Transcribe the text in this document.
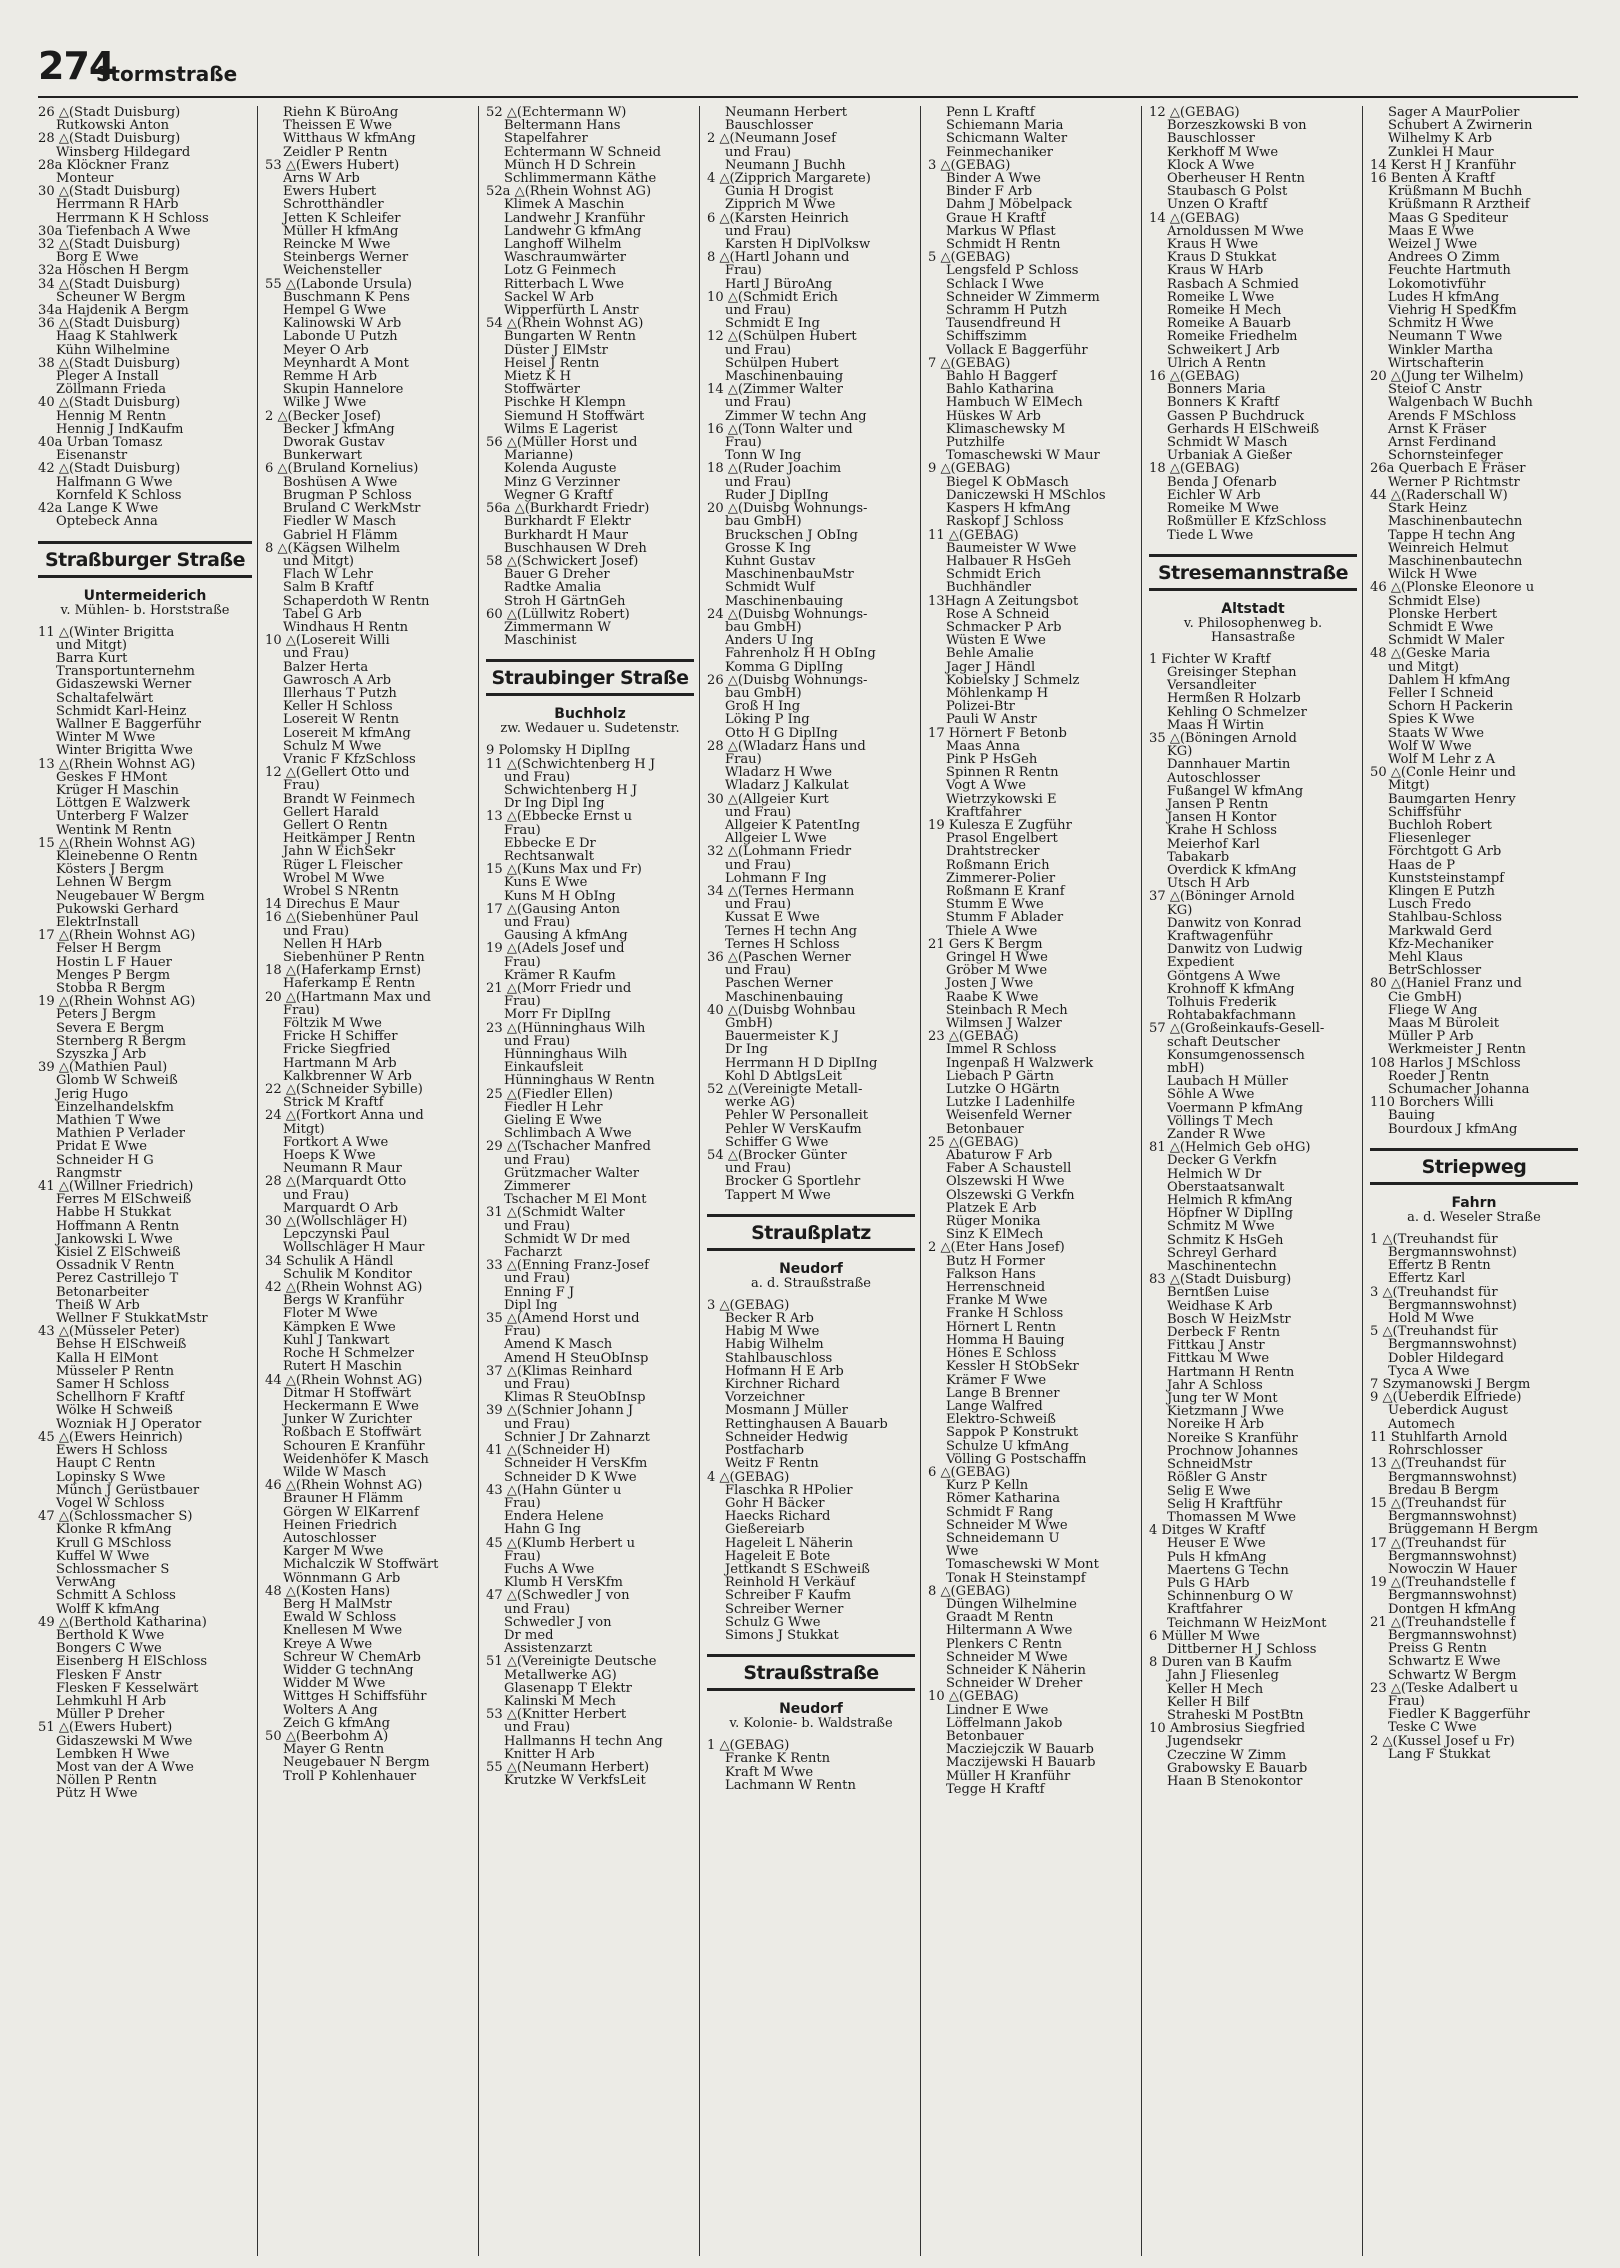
274
Stormstraße
26 △(Stadt Duisburg)
Rutkowski Anton
28 △(Stadt Duisburg)
Winsberg Hildegard
28a Klöckner Franz
Monteur
30 △(Stadt Duisburg)
Herrmann R HArb
Herrmann K H Schloss
30a Tiefenbach A Wwe
32 △(Stadt Duisburg)
Borg E Wwe
32a Höschen H Bergm
34 △(Stadt Duisburg)
Scheuner W Bergm
34a Hajdenik A Bergm
36 △(Stadt Duisburg)
Haag K Stahlwerk
Kühn Wilhelmine
38 △(Stadt Duisburg)
Pleger A Install
Zöllmann Frieda
40 △(Stadt Duisburg)
Hennig M Rentn
Hennig J IndKaufm
40a Urban Tomasz
Eisenanstr
42 △(Stadt Duisburg)
Halfmann G Wwe
Kornfeld K Schloss
42a Lange K Wwe
Optebeck Anna
Straßburger Straße
Untermeiderich
v. Mühlen- b. Horststraße
11 △(Winter Brigitta
und Mitgt)
Barra Kurt
Transportunternehm
Gidaszewski Werner
Schaltafelwärt
Schmidt Karl-Heinz
Wallner E Baggerführ
Winter M Wwe
Winter Brigitta Wwe
13 △(Rhein Wohnst AG)
Geskes F HMont
Krüger H Maschin
Löttgen E Walzwerk
Unterberg F Walzer
Wentink M Rentn
15 △(Rhein Wohnst AG)
Kleinebenne O Rentn
Kösters J Bergm
Lehnen W Bergm
Neugebauer W Bergm
Pukowski Gerhard
ElektrInstall
17 △(Rhein Wohnst AG)
Felser H Bergm
Hostin L F Hauer
Menges P Bergm
Stobba R Bergm
19 △(Rhein Wohnst AG)
Peters J Bergm
Severa E Bergm
Sternberg R Bergm
Szyszka J Arb
39 △(Mathien Paul)
Glomb W Schweiß
Jerig Hugo
Einzelhandelskfm
Mathien T Wwe
Mathien P Verlader
Pridat E Wwe
Schneider H G
Rangmstr
41 △(Willner Friedrich)
Ferres M ElSchweiß
Habbe H Stukkat
Hoffmann A Rentn
Jankowski L Wwe
Kisiel Z ElSchweiß
Ossadnik V Rentn
Perez Castrillejo T
Betonarbeiter
Theiß W Arb
Wellner F StukkatMstr
43 △(Müsseler Peter)
Behse H ElSchweiß
Kalla H ElMont
Müsseler P Rentn
Samer H Schloss
Schellhorn F Kraftf
Wölke H Schweiß
Wozniak H J Operator
45 △(Ewers Heinrich)
Ewers H Schloss
Haupt C Rentn
Lopinsky S Wwe
Münch J Gerüstbauer
Vogel W Schloss
47 △(Schlossmacher S)
Klonke R kfmAng
Krull G MSchloss
Kuffel W Wwe
Schlossmacher S
VerwAng
Schmitt A Schloss
Wolff K kfmAng
49 △(Berthold Katharina)
Berthold K Wwe
Bongers C Wwe
Eisenberg H ElSchloss
Flesken F Anstr
Flesken F Kesselwärt
Lehmkuhl H Arb
Müller P Dreher
51 △(Ewers Hubert)
Gidaszewski M Wwe
Lembken H Wwe
Most van der A Wwe
Nöllen P Rentn
Pütz H Wwe
Riehn K BüroAng
Theissen E Wwe
Witthaus W kfmAng
Zeidler P Rentn
53 △(Ewers Hubert)
Arns W Arb
Ewers Hubert
Schrotthändler
Jetten K Schleifer
Müller H kfmAng
Reincke M Wwe
Steinbergs Werner
Weichensteller
55 △(Labonde Ursula)
Buschmann K Pens
Hempel G Wwe
Kalinowski W Arb
Labonde U Putzh
Meyer O Arb
Meynhardt A Mont
Remme H Arb
Skupin Hannelore
Wilke J Wwe
2 △(Becker Josef)
Becker J kfmAng
Dworak Gustav
Bunkerwart
6 △(Bruland Kornelius)
Boshüsen A Wwe
Brugman P Schloss
Bruland C WerkMstr
Fiedler W Masch
Gabriel H Flämm
8 △(Kägsen Wilhelm
und Mitgt)
Flach W Lehr
Salm B Kraftf
Schaperdoth W Rentn
Tabel G Arb
Windhaus H Rentn
10 △(Losereit Willi
und Frau)
Balzer Herta
Gawrosch A Arb
Illerhaus T Putzh
Keller H Schloss
Losereit W Rentn
Losereit M kfmAng
Schulz M Wwe
Vranic F KfzSchloss
12 △(Gellert Otto und
Frau)
Brandt W Feinmech
Gellert Harald
Gellert O Rentn
Heitkämper J Rentn
Jahn W EichSekr
Rüger L Fleischer
Wrobel M Wwe
Wrobel S NRentn
14 Direchus E Maur
16 △(Siebenhüner Paul
und Frau)
Nellen H HArb
Siebenhüner P Rentn
18 △(Haferkamp Ernst)
Haferkamp E Rentn
20 △(Hartmann Max und
Frau)
Föltzik M Wwe
Fricke H Schiffer
Fricke Siegfried
Hartmann M Arb
Kalkbrenner W Arb
22 △(Schneider Sybille)
Strick M Kraftf
24 △(Fortkort Anna und
Mitgt)
Fortkort A Wwe
Hoeps K Wwe
Neumann R Maur
28 △(Marquardt Otto
und Frau)
Marquardt O Arb
30 △(Wollschläger H)
Lepczynski Paul
Wollschläger H Maur
34 Schulik A Händl
Schulik M Konditor
42 △(Rhein Wohnst AG)
Bergs W Kranführ
Floter M Wwe
Kämpken E Wwe
Kuhl J Tankwart
Roche H Schmelzer
Rutert H Maschin
44 △(Rhein Wohnst AG)
Ditmar H Stoffwärt
Heckermann E Wwe
Junker W Zurichter
Roßbach E Stoffwärt
Schouren E Kranführ
Weidenhöfer K Masch
Wilde W Masch
46 △(Rhein Wohnst AG)
Brauner H Flämm
Görgen W ElKarrenf
Heinen Friedrich
Autoschlosser
Karger M Wwe
Michalczik W Stoffwärt
Wönnmann G Arb
48 △(Kosten Hans)
Berg H MalMstr
Ewald W Schloss
Knellesen M Wwe
Kreye A Wwe
Schreur W ChemArb
Widder G technAng
Widder M Wwe
Wittges H Schiffsführ
Wolters A Ang
Zeich G kfmAng
50 △(Beerbohm A)
Mayer G Rentn
Neugebauer N Bergm
Troll P Kohlenhauer
52 △(Echtermann W)
Beltermann Hans
Stapelfahrer
Echtermann W Schneid
Münch H D Schrein
Schlimmermann Käthe
52a △(Rhein Wohnst AG)
Klimek A Maschin
Landwehr J Kranführ
Landwehr G kfmAng
Langhoff Wilhelm
Waschraumwärter
Lotz G Feinmech
Ritterbach L Wwe
Sackel W Arb
Wipperfürth L Anstr
54 △(Rhein Wohnst AG)
Bungarten W Rentn
Düster J ElMstr
Heisel J Rentn
Mietz K H
Stoffwärter
Pischke H Klempn
Siemund H Stoffwärt
Wilms E Lagerist
56 △(Müller Horst und
Marianne)
Kolenda Auguste
Minz G Verzinner
Wegner G Kraftf
56a △(Burkhardt Friedr)
Burkhardt F Elektr
Burkhardt H Maur
Buschhausen W Dreh
58 △(Schwickert Josef)
Bauer G Dreher
Radtke Amalia
Stroh H GärtnGeh
60 △(Lüllwitz Robert)
Zimmermann W
Maschinist
Straubinger Straße
Buchholz
zw. Wedauer u. Sudetenstr.
9 Polomsky H DiplIng
11 △(Schwichtenberg H J
und Frau)
Schwichtenberg H J
Dr Ing Dipl Ing
13 △(Ebbecke Ernst u
Frau)
Ebbecke E Dr
Rechtsanwalt
15 △(Kuns Max und Fr)
Kuns E Wwe
Kuns M H ObIng
17 △(Gausing Anton
und Frau)
Gausing A kfmAng
19 △(Adels Josef und
Frau)
Krämer R Kaufm
21 △(Morr Friedr und
Frau)
Morr Fr DiplIng
23 △(Hünninghaus Wilh
und Frau)
Hünninghaus Wilh
Einkaufsleit
Hünninghaus W Rentn
25 △(Fiedler Ellen)
Fiedler H Lehr
Gieling E Wwe
Schlimbach A Wwe
29 △(Tschacher Manfred
und Frau)
Grützmacher Walter
Zimmerer
Tschacher M El Mont
31 △(Schmidt Walter
und Frau)
Schmidt W Dr med
Facharzt
33 △(Enning Franz-Josef
und Frau)
Enning F J
Dipl Ing
35 △(Amend Horst und
Frau)
Amend K Masch
Amend H SteuObInsp
37 △(Klimas Reinhard
und Frau)
Klimas R SteuObInsp
39 △(Schnier Johann J
und Frau)
Schnier J Dr Zahnarzt
41 △(Schneider H)
Schneider H VersKfm
Schneider D K Wwe
43 △(Hahn Günter u
Frau)
Endera Helene
Hahn G Ing
45 △(Klumb Herbert u
Frau)
Fuchs A Wwe
Klumb H VersKfm
47 △(Schwedler J von
und Frau)
Schwedler J von
Dr med
Assistenzarzt
51 △(Vereinigte Deutsche
Metallwerke AG)
Glasenapp T Elektr
Kalinski M Mech
53 △(Knitter Herbert
und Frau)
Hallmanns H techn Ang
Knitter H Arb
55 △(Neumann Herbert)
Krutzke W VerkfsLeit
Neumann Herbert
Bauschlosser
2 △(Neumann Josef
und Frau)
Neumann J Buchh
4 △(Zipprich Margarete)
Gunia H Drogist
Zipprich M Wwe
6 △(Karsten Heinrich
und Frau)
Karsten H DiplVolksw
8 △(Hartl Johann und
Frau)
Hartl J BüroAng
10 △(Schmidt Erich
und Frau)
Schmidt E Ing
12 △(Schülpen Hubert
und Frau)
Schülpen Hubert
Maschinenbauing
14 △(Zimmer Walter
und Frau)
Zimmer W techn Ang
16 △(Tonn Walter und
Frau)
Tonn W Ing
18 △(Ruder Joachim
und Frau)
Ruder J DiplIng
20 △(Duisbg Wohnungs-
bau GmbH)
Bruckschen J ObIng
Grosse K Ing
Kuhnt Gustav
MaschinenbauMstr
Schmidt Wulf
Maschinenbauing
24 △(Duisbg Wohnungs-
bau GmbH)
Anders U Ing
Fahrenholz H H ObIng
Komma G DiplIng
26 △(Duisbg Wohnungs-
bau GmbH)
Groß H Ing
Löking P Ing
Otto H G DiplIng
28 △(Wladarz Hans und
Frau)
Wladarz H Wwe
Wladarz J Kalkulat
30 △(Allgeier Kurt
und Frau)
Allgeier K PatentIng
Allgeier L Wwe
32 △(Lohmann Friedr
und Frau)
Lohmann F Ing
34 △(Ternes Hermann
und Frau)
Kussat E Wwe
Ternes H techn Ang
Ternes H Schloss
36 △(Paschen Werner
und Frau)
Paschen Werner
Maschinenbauing
40 △(Duisbg Wohnbau
GmbH)
Bauermeister K J
Dr Ing
Herrmann H D DiplIng
Kohl D AbtlgsLeit
52 △(Vereinigte Metall-
werke AG)
Pehler W Personalleit
Pehler W VersKaufm
Schiffer G Wwe
54 △(Brocker Günter
und Frau)
Brocker G Sportlehr
Tappert M Wwe
Straußplatz
Neudorf
a. d. Straußstraße
3 △(GEBAG)
Becker R Arb
Habig M Wwe
Habig Wilhelm
Stahlbauschloss
Hofmann H E Arb
Kirchner Richard
Vorzeichner
Mosmann J Müller
Rettinghausen A Bauarb
Schneider Hedwig
Postfacharb
Weitz F Rentn
4 △(GEBAG)
Flaschka R HPolier
Gohr H Bäcker
Haecks Richard
Gießereiarb
Hageleit L Näherin
Hageleit E Bote
Jettkandt S ESchweiß
Reinhold H Verkäuf
Schreiber F Kaufm
Schreiber Werner
Schulz G Wwe
Simons J Stukkat
Straußstraße
Neudorf
v. Kolonie- b. Waldstraße
1 △(GEBAG)
Franke K Rentn
Kraft M Wwe
Lachmann W Rentn
Penn L Kraftf
Schiemann Maria
Schicmann Walter
Feinmechaniker
3 △(GEBAG)
Binder A Wwe
Binder F Arb
Dahm J Möbelpack
Graue H Kraftf
Markus W Pflast
Schmidt H Rentn
5 △(GEBAG)
Lengsfeld P Schloss
Schlack I Wwe
Schneider W Zimmerm
Schramm H Putzh
Tausendfreund H
Schiffszimm
Vollack E Baggerführ
7 △(GEBAG)
Bahlo H Baggerf
Bahlo Katharina
Hambuch W ElMech
Hüskes W Arb
Klimaschewsky M
Putzhilfe
Tomaschewski W Maur
9 △(GEBAG)
Biegel K ObMasch
Daniczewski H MSchlos
Kaspers H kfmAng
Raskopf J Schloss
11 △(GEBAG)
Baumeister W Wwe
Halbauer R HsGeh
Schmidt Erich
Buchhändler
13Hagn A Zeitungsbot
Rose A Schneid
Schmacker P Arb
Wüsten E Wwe
Behle Amalie
Jager J Händl
Kobielsky J Schmelz
Möhlenkamp H
Polizei-Btr
Pauli W Anstr
17 Hörnert F Betonb
Maas Anna
Pink P HsGeh
Spinnen R Rentn
Vogt A Wwe
Wietrzykowski E
Kraftfahrer
19 Kulesza E Zugführ
Prasol Engelbert
Drahtstrecker
Roßmann Erich
Zimmerer-Polier
Roßmann E Kranf
Stumm E Wwe
Stumm F Ablader
Thiele A Wwe
21 Gers K Bergm
Gringel H Wwe
Gröber M Wwe
Josten J Wwe
Raabe K Wwe
Steinbach R Mech
Wilmsen J Walzer
23 △(GEBAG)
Immel R Schloss
Ingenpaß H Walzwerk
Liebach P Gärtn
Lutzke O HGärtn
Lutzke I Ladenhilfe
Weisenfeld Werner
Betonbauer
25 △(GEBAG)
Abaturow F Arb
Faber A Schaustell
Olszewski H Wwe
Olszewski G Verkfn
Platzek E Arb
Rüger Monika
Sinz K ElMech
2 △(Eter Hans Josef)
Butz H Former
Falkson Hans
Herrenschneid
Franke M Wwe
Franke H Schloss
Hörnert L Rentn
Homma H Bauing
Hönes E Schloss
Kessler H StObSekr
Krämer F Wwe
Lange B Brenner
Lange Walfred
Elektro-Schweiß
Sappok P Konstrukt
Schulze U kfmAng
Völling G Postschaffn
6 △(GEBAG)
Kurz P Kelln
Römer Katharina
Schmidt F Rang
Schneider M Wwe
Schneidemann U
Wwe
Tomaschewski W Mont
Tonak H Steinstampf
8 △(GEBAG)
Düngen Wilhelmine
Graadt M Rentn
Hiltermann A Wwe
Plenkers C Rentn
Schneider M Wwe
Schneider K Näherin
Schneider W Dreher
10 △(GEBAG)
Lindner E Wwe
Löffelmann Jakob
Betonbauer
Macziejczik W Bauarb
Maczijewski H Bauarb
Müller H Kranführ
Tegge H Kraftf
12 △(GEBAG)
Borzeszkowski B von
Bauschlosser
Kerkhoff M Wwe
Klock A Wwe
Oberheuser H Rentn
Staubasch G Polst
Unzen O Kraftf
14 △(GEBAG)
Arnoldussen M Wwe
Kraus H Wwe
Kraus D Stukkat
Kraus W HArb
Rasbach A Schmied
Romeike L Wwe
Romeike H Mech
Romeike A Bauarb
Romeike Friedhelm
Schweikert J Arb
Ulrich A Rentn
16 △(GEBAG)
Bonners Maria
Bonners K Kraftf
Gassen P Buchdruck
Gerhards H ElSchweiß
Schmidt W Masch
Urbaniak A Gießer
18 △(GEBAG)
Benda J Ofenarb
Eichler W Arb
Romeike M Wwe
Roßmüller E KfzSchloss
Tiede L Wwe
Stresemannstraße
Altstadt
v. Philosophenweg b. Hansastraße
1 Fichter W Kraftf
Greisinger Stephan
Versandleiter
Hermßen R Holzarb
Kehling O Schmelzer
Maas H Wirtin
35 △(Böningen Arnold
KG)
Dannhauer Martin
Autoschlosser
Fußangel W kfmAng
Jansen P Rentn
Jansen H Kontor
Krahe H Schloss
Meierhof Karl
Tabakarb
Overdick K kfmAng
Utsch H Arb
37 △(Böninger Arnold
KG)
Danwitz von Konrad
Kraftwagenführ
Danwitz von Ludwig
Expedient
Göntgens A Wwe
Krohnoff K kfmAng
Tolhuis Frederik
Rohtabakfachmann
57 △(Großeinkaufs-Gesell-
schaft Deutscher
Konsumgenossensch
mbH)
Laubach H Müller
Söhle A Wwe
Voermann P kfmAng
Völlings T Mech
Zander R Wwe
81 △(Helmich Geb oHG)
Decker G Verkfn
Helmich W Dr
Oberstaatsanwalt
Helmich R kfmAng
Höpfner W DiplIng
Schmitz M Wwe
Schmitz K HsGeh
Schreyl Gerhard
Maschinentechn
83 △(Stadt Duisburg)
Berntßen Luise
Weidhase K Arb
Bosch W HeizMstr
Derbeck F Rentn
Fittkau J Anstr
Fittkau M Wwe
Hartmann H Rentn
Jahr A Schloss
Jung ter W Mont
Kietzmann J Wwe
Noreike H Arb
Noreike S Kranführ
Prochnow Johannes
SchneidMstr
Rößler G Anstr
Selig E Wwe
Selig H Kraftführ
Thomassen M Wwe
4 Ditges W Kraftf
Heuser E Wwe
Puls H kfmAng
Maertens G Techn
Puls G HArb
Schinnenburg O W
Kraftfahrer
Teichmann W HeizMont
6 Müller M Wwe
Dittberner H J Schloss
8 Duren van B Kaufm
Jahn J Fliesenleg
Keller H Mech
Keller H Bilf
Straheski M PostBtn
10 Ambrosius Siegfried
Jugendsekr
Czeczine W Zimm
Grabowsky E Bauarb
Haan B Stenokontor
Sager A MaurPolier
Schubert A Zwirnerin
Wilhelmy K Arb
Zunklei H Maur
14 Kerst H J Kranführ
16 Benten A Kraftf
Krüßmann M Buchh
Krüßmann R Arztheif
Maas G Spediteur
Maas E Wwe
Weizel J Wwe
Andrees O Zimm
Feuchte Hartmuth
Lokomotivführ
Ludes H kfmAng
Viehrig H SpedKfm
Schmitz H Wwe
Neumann T Wwe
Winkler Martha
Wirtschafterin
20 △(Jung ter Wilhelm)
Steiof C Anstr
Walgenbach W Buchh
Arends F MSchloss
Arnst K Fräser
Arnst Ferdinand
Schornsteinfeger
26a Querbach E Fräser
Werner P Richtmstr
44 △(Raderschall W)
Stark Heinz
Maschinenbautechn
Tappe H techn Ang
Weinreich Helmut
Maschinenbautechn
Wilck H Wwe
46 △(Plonske Eleonore u
Schmidt Else)
Plonske Herbert
Schmidt E Wwe
Schmidt W Maler
48 △(Geske Maria
und Mitgt)
Dahlem H kfmAng
Feller I Schneid
Schorn H Packerin
Spies K Wwe
Staats W Wwe
Wolf W Wwe
Wolf M Lehr z A
50 △(Conle Heinr und
Mitgt)
Baumgarten Henry
Schiffsführ
Buchloh Robert
Fliesenleger
Förchtgott G Arb
Haas de P
Kunststeinstampf
Klingen E Putzh
Lusch Fredo
Stahlbau-Schloss
Markwald Gerd
Kfz-Mechaniker
Mehl Klaus
BetrSchlosser
80 △(Haniel Franz und
Cie GmbH)
Fliege W Ang
Maas M Büroleit
Müller P Arb
Werkmeister J Rentn
108 Harlos J MSchloss
Roeder J Rentn
Schumacher Johanna
110 Borchers Willi
Bauing
Bourdoux J kfmAng
Striepweg
Fahrn
a. d. Weseler Straße
1 △(Treuhandst für
Bergmannswohnst)
Effertz B Rentn
Effertz Karl
3 △(Treuhandst für
Bergmannswohnst)
Hold M Wwe
5 △(Treuhandst für
Bergmannswohnst)
Dobler Hildegard
Tyca A Wwe
7 Szymanowski J Bergm
9 △(Ueberdik Elfriede)
Ueberdick August
Automech
11 Stuhlfarth Arnold
Rohrschlosser
13 △(Treuhandst für
Bergmannswohnst)
Bredau B Bergm
15 △(Treuhandst für
Bergmannswohnst)
Brüggemann H Bergm
17 △(Treuhandst für
Bergmannswohnst)
Nowoczin W Hauer
19 △(Treuhandstelle f
Bergmannswohnst)
Dontgen H kfmAng
21 △(Treuhandstelle f
Bergmannswohnst)
Preiss G Rentn
Schwartz E Wwe
Schwartz W Bergm
23 △(Teske Adalbert u
Frau)
Fiedler K Baggerführ
Teske C Wwe
2 △(Kussel Josef u Fr)
Lang F Stukkat
